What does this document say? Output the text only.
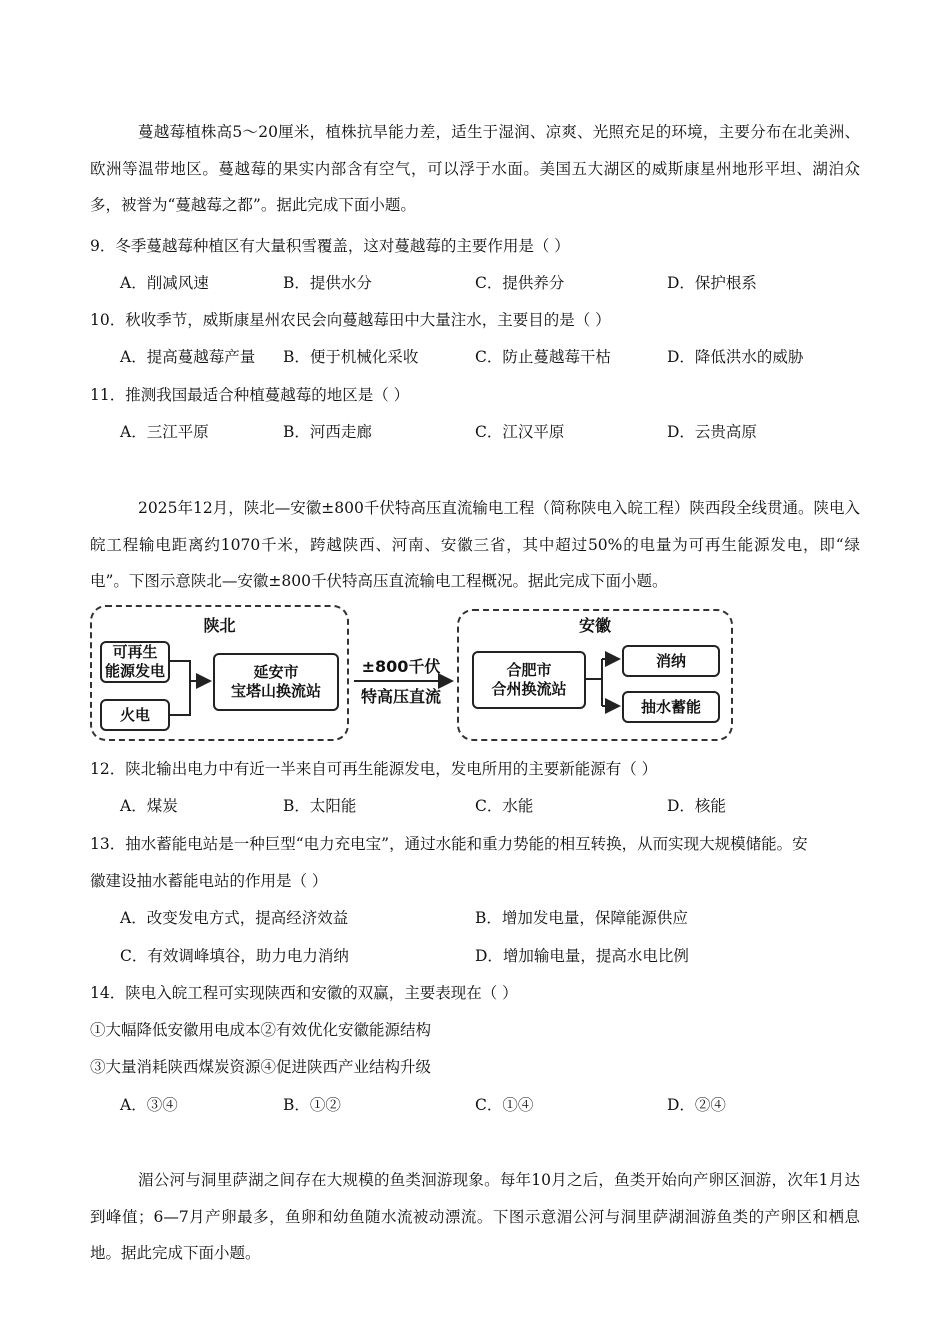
蔓越莓植株高5～20厘米，植株抗旱能力差，适生于湿润、凉爽、光照充足的环境，主要分布在北美洲、欧洲等温带地区。蔓越莓的果实内部含有空气，可以浮于水面。美国五大湖区的威斯康星州地形平坦、湖泊众多，被誉为“蔓越莓之都”。据此完成下面小题。
9．冬季蔓越莓种植区有大量积雪覆盖，这对蔓越莓的主要作用是（ ）
A．削减风速	B．提供水分	C．提供养分	D．保护根系
10．秋收季节，威斯康星州农民会向蔓越莓田中大量注水，主要目的是（ ）
A．提高蔓越莓产量 B．便于机械化采收	C．防止蔓越莓干枯	D．降低洪水的威胁
11．推测我国最适合种植蔓越莓的地区是（ ）
A．三江平原	B．河西走廊	C．江汉平原	D．云贵高原
2025年12月，陕北—安徽±800千伏特高压直流输电工程（简称陕电入皖工程）陕西段全线贯通。陕电入皖工程输电距离约1070千米，跨越陕西、河南、安徽三省，其中超过50%的电量为可再生能源发电，即“绿电”。下图示意陕北—安徽±800千伏特高压直流输电工程概况。据此完成下面小题。
陕北
可再生
能源发电
火电
延安市
宝塔山换流站
±800千伏
特高压直流
安徽
合肥市
合州换流站
消纳
抽水蓄能
12．陕北输出电力中有近一半来自可再生能源发电，发电所用的主要新能源有（ ）
A．煤炭	B．太阳能	C．水能	D．核能
13．抽水蓄能电站是一种巨型“电力充电宝”，通过水能和重力势能的相互转换，从而实现大规模储能。安
徽建设抽水蓄能电站的作用是（ ）
A．改变发电方式，提高经济效益	B．增加发电量，保障能源供应
C．有效调峰填谷，助力电力消纳	D．增加输电量，提高水电比例
14．陕电入皖工程可实现陕西和安徽的双赢，主要表现在（ ）
①大幅降低安徽用电成本②有效优化安徽能源结构
③大量消耗陕西煤炭资源④促进陕西产业结构升级
A．③④	B．①②	C．①④	D．②④
湄公河与洞里萨湖之间存在大规模的鱼类洄游现象。每年10月之后，鱼类开始向产卵区洄游，次年1月达到峰值；6—7月产卵最多，鱼卵和幼鱼随水流被动漂流。下图示意湄公河与洞里萨湖洄游鱼类的产卵区和栖息地。据此完成下面小题。
